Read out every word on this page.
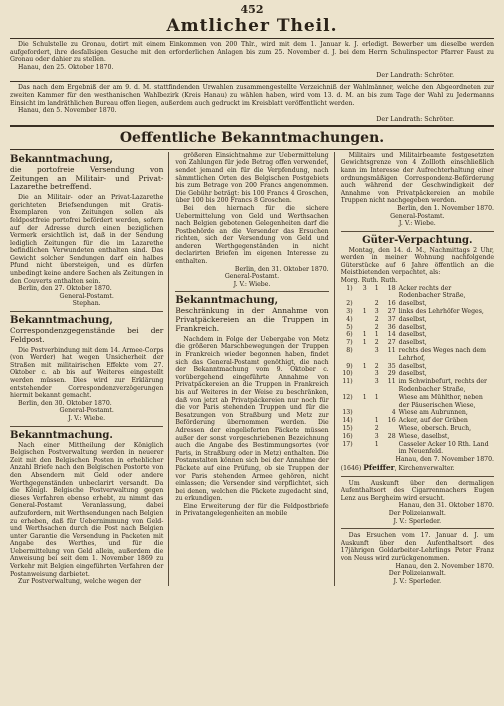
452
Amtlicher Theil.

Die Schulstelle zu Gronau, dotirt mit einem Einkommen von 200 Thlr., wird mit dem 1. Januar k. J. erledigt. Bewerber um dieselbe werden aufgefordert, ihre desfallsigen Gesuche mit den erforderlichen Anlagen bis zum 25. November d. J. bei dem Herrn Schulinspector Pfarrer Faust zu Gronau oder dahier zu stellen.

Hanau, den 25. Oktober 1870.

Der Landrath: Schröter.

Das nach dem Ergebniß der am 9. d. M. stattfindenden Urwahlen zusammengestellte Verzeichniß der Wahlmänner, welche den Abgeordneten zur zweiten Kammer für den westhanischen Wahlbezirk (Kreis Hanau) zu wählen haben, wird vom 13. d. M. an bis zum Tage der Wahl zu Jedermanns Einsicht im landräthlichen Bureau offen liegen, außerdem auch gedruckt im Kreisblatt veröffentlicht werden.

Hanau, den 5. November 1870.

Der Landrath: Schröter.

Oeffentliche Bekanntmachungen.
Bekanntmachung,
die portofreie Versendung von Zeitungen an Militair- und Privat-Lazarethe betreffend.

Die an Militair- oder an Privat-Lazarethe gerichteten Briefsendungen mit Gratis-Exemplaren von Zeitungen sollen als feldpostfreie portofrei befördert werden, sofern auf der Adresse durch einen beziglichen Vermerk ersichtlich ist, daß in der Sendung lediglich Zeitungen für die im Lazarethe befindlichen Verwundeten enthalten sind. Das Gewicht solcher Sendungen darf ein halbes Pfund nicht übersteigen, und es dürfen unbedingt keine andere Sachen als Zeitungen in den Couverts enthalten sein.

Berlin, den 27. Oktober 1870.

General-Postamt.

Stephan.

Bekanntmachung,
Correspondenzgegenstände bei der Feldpost.

Die Postverbindung mit dem 14. Armee-Corps (von Werder) hat wegen Unsicherheit der Straßen mit militairischen Effekte vom 27. Oktober c. ab bis auf Weiteres eingestellt werden müssen. Dies wird zur Erklärung entstehender Correspondenzverzögerungen hiermit bekannt gemacht.

Berlin, den 30. Oktober 1870.

General-Postamt.

J. V.: Wiebe.

Bekanntmachung.

Nach einer Mittheilung der Königlich Belgischen Postverwaltung werden in neuerer Zeit mit den Belgischen Posten in erheblicher Anzahl Briefe nach den Belgischen Postorte von den Absendern mit Geld oder andere Werthgegenständen unbeclarirt versandt. Da die Königl. Belgische Postverwaltung gegen dieses Verfahren ebenso erhebt, zu nimmt das General-Postamt Veranlassung, dabei aufzufordern, mit Werthsendungen nach Belgien zu erheben, daß für Uebernimmung von Geld- und Werthsachen durch die Post nach Belgien unter Garantie die Versendung in Packeten mit Angabe des Werthes, und für die Uebermittelung von Geld allein, außerdem die Anweisung bei seit dem 1. November 1869 zu Verkehr mit Belgien eingeführten Verfahren der Postanweisung darbietet.

Zur Postverwaltung, welche wegen der

größeren Einsichtnahme zur Uebermittelung von Zahlungen für jede Betrag offen verwendet, sendet jemand ein für die Verpfendung, nach sämmtlichen Orten des Belgischen Postgebiets bis zum Betrage von 200 Francs angenommen. Die Gebühr beträgt: bis 100 Francs 4 Groschen, über 100 bis 200 Francs 8 Groschen.

Bei den hiernach für die sichere Uebermittelung von Geld und Werthsachen nach Belgien gebotenen Gelegenheiten darf die Postbehörde an die Versender das Ersuchen richten, sich der Versendung von Geld und anderen Werthgegenständen in nicht declarirten Briefen im eigenen Interesse zu enthalten.

Berlin, den 31. Oktober 1870.

General-Postamt.

J. V.: Wiebe.

Bekanntmachung,
Beschränkung in der Annahme von Privatpäckereien an die Truppen in Frankreich.

Nachdem in Folge der Uebergabe von Metz die größeren Marschbewegungen der Truppen in Frankreich wieder begonnen haben, findet sich das General-Postamt genöthigt, die nach der Bekanntmachung vom 9. Oktober c. vorübergehend eingeführte Annahme von Privatpäckereien an die Truppen in Frankreich bis auf Weiteres in der Weise zu beschränken, daß von jetzt ab Privatpäckereien nur noch für die vor Paris stehenden Truppen und für die Besatzungen von Straßburg und Metz zur Beförderung übernommen werden. Die Adressen der eingelieferten Päckete müssen außer der sonst vorgeschriebenen Bezeichnung auch die Angabe des Bestimmungsortes (vor Paris, in Straßburg oder in Metz) enthalten. Die Postanstalten können sich bei der Annahme der Päckete auf eine Prüfung, ob sie Truppen der vor Paris stehenden Armee gehören, nicht einlassen; die Versender sind verpflichtet, sich bei denen, welchen die Päckete zugedacht sind, zu erkundigen.

Eine Erweiterung der für die Feldpostbriefe in Privatangelegenheiten an mobile

Militairs und Militairbeamte festgesetzten Gewichtsgrenze von 4 Zollloth einschließlich kann im Interesse der Aufrechterhaltung einer ordnungsmäßigen Correspondenz-Beförderung auch während der Geschwindigkeit der Annahme von Privatpäckereien an mobile Truppen nicht nachgegeben werden.

Berlin, den 1. November 1870.

General-Postamt.

J. V.: Wiebe.

Güter-Verpachtung.

Montag, den 14. d. M., Nachmittags 2 Uhr, werden in meiner Wohnung nachfolgende Güterstücke auf 6 Jahre öffentlich an die Meistbietenden verpachtet, als:

Morg. Ruth. Ruth.

1)	3	1	18	Acker rechts der Rodenbacher Straße,
2)		2	16	daselbst,
3)	1	3	27	links des Lehrhöfer Weges,
4)		2	37	daselbst,
5)		2	36	daselbst,
6)	1	1	14	daselbst,
7)	1	2	27	daselbst,
8)		3	11	rechts des Weges nach dem Lehrhof,
9)	1	2	35	daselbst,
10)		3	29	daselbst,
11)		3	11	im Schwinbefurt, rechts der Rodenbacher Straße,
12)	1	1		Wiese am Mühlthor, neben der Päuserischen Wiese,
13)			4	Wiese am Aubrunnen,
14)		1	16	Acker, auf der Gräben
15)		2		Wiese, obersch. Bruch,
16)		3	28	Wiese, daselbst,
17)		1		Casseler Acker 10 Rth. Land im Neuenfeld.

Hanau, den 7. November 1870.

(1646) Pfeiffer, Kirchenverwalter.

Um Auskunft über den dermaligen Aufenthaltsort des Cigarrenmachers Eugen Lenz aus Bergheim wird ersucht.

Hanau, den 31. Oktober 1870.

Der Polizeianwalt.

J. V.: Sperleder.

Das Ersuchen vom 17. Januar d. J. um Auskunft über den Aufenthaltsort des 17jährigen Goldarbeiter-Lehrlings Peter Franz von Neuss wird zurückgenommen.

Hanau, den 2. November 1870.

Der Polizeianwalt.

J. V.: Sperleder.
